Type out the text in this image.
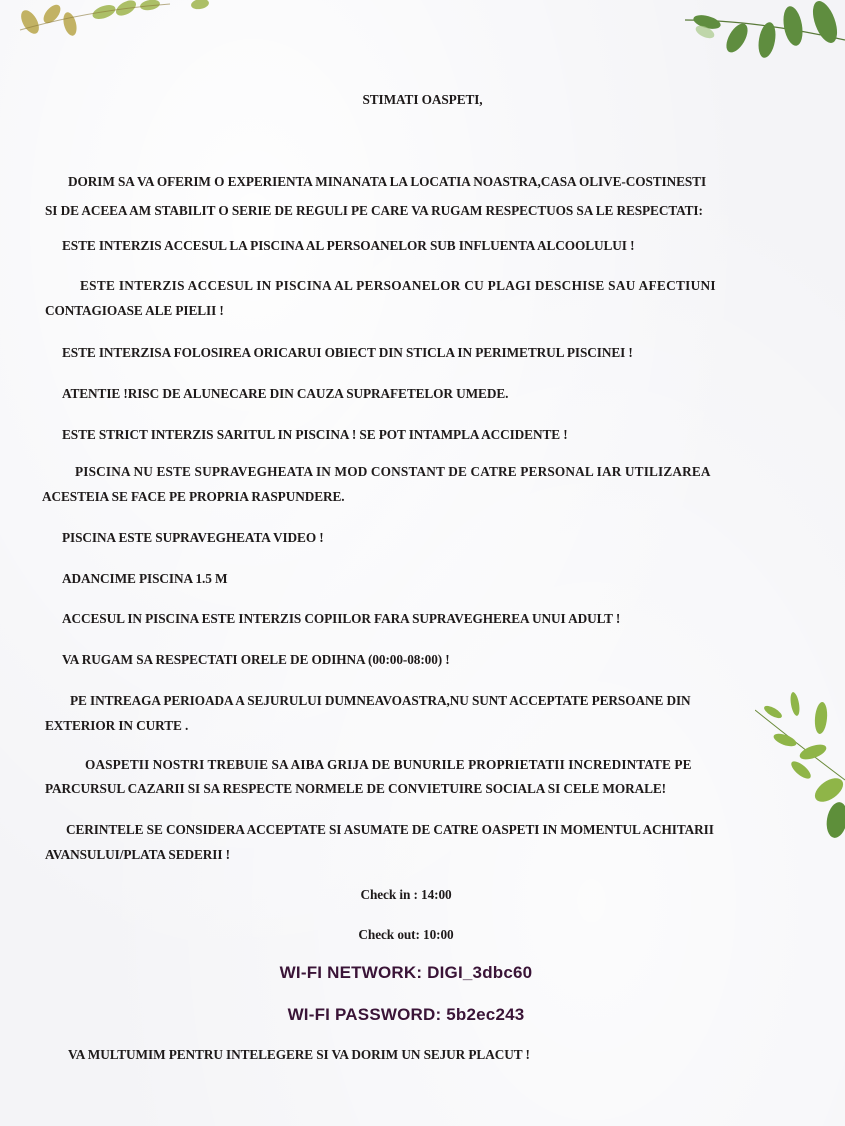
STIMATI OASPETI,
DORIM SA VA OFERIM O EXPERIENTA MINANATA LA LOCATIA NOASTRA,CASA OLIVE-COSTINESTI
SI DE ACEEA AM STABILIT O SERIE DE REGULI PE CARE VA RUGAM RESPECTUOS SA LE RESPECTATI:
ESTE INTERZIS ACCESUL LA PISCINA AL PERSOANELOR SUB INFLUENTA ALCOOLULUI !
ESTE INTERZIS ACCESUL IN PISCINA AL PERSOANELOR CU PLAGI DESCHISE SAU AFECTIUNI
CONTAGIOASE ALE PIELII !
ESTE INTERZISA FOLOSIREA ORICARUI OBIECT DIN STICLA IN PERIMETRUL PISCINEI !
ATENTIE !RISC DE ALUNECARE DIN CAUZA SUPRAFETELOR UMEDE.
ESTE STRICT INTERZIS SARITUL IN PISCINA ! SE POT INTAMPLA ACCIDENTE !
PISCINA NU ESTE SUPRAVEGHEATA IN MOD CONSTANT DE CATRE PERSONAL IAR UTILIZAREA
ACESTEIA SE FACE PE PROPRIA RASPUNDERE.
PISCINA ESTE SUPRAVEGHEATA VIDEO !
ADANCIME PISCINA 1.5 M
ACCESUL IN PISCINA ESTE INTERZIS COPIILOR FARA SUPRAVEGHEREA UNUI ADULT !
VA RUGAM SA RESPECTATI ORELE DE ODIHNA (00:00-08:00) !
PE INTREAGA PERIOADA A SEJURULUI DUMNEAVOASTRA,NU SUNT ACCEPTATE PERSOANE DIN
EXTERIOR IN CURTE .
OASPETII NOSTRI TREBUIE SA AIBA GRIJA DE BUNURILE PROPRIETATII INCREDINTATE PE
PARCURSUL CAZARII SI SA RESPECTE NORMELE DE CONVIETUIRE SOCIALA SI CELE MORALE!
CERINTELE SE CONSIDERA ACCEPTATE SI ASUMATE DE CATRE OASPETI IN MOMENTUL ACHITARII
AVANSULUI/PLATA SEDERII !
Check in : 14:00
Check out: 10:00
WI-FI NETWORK: DIGI_3dbc60
WI-FI PASSWORD: 5b2ec243
VA MULTUMIM PENTRU INTELEGERE SI VA DORIM UN SEJUR PLACUT !
